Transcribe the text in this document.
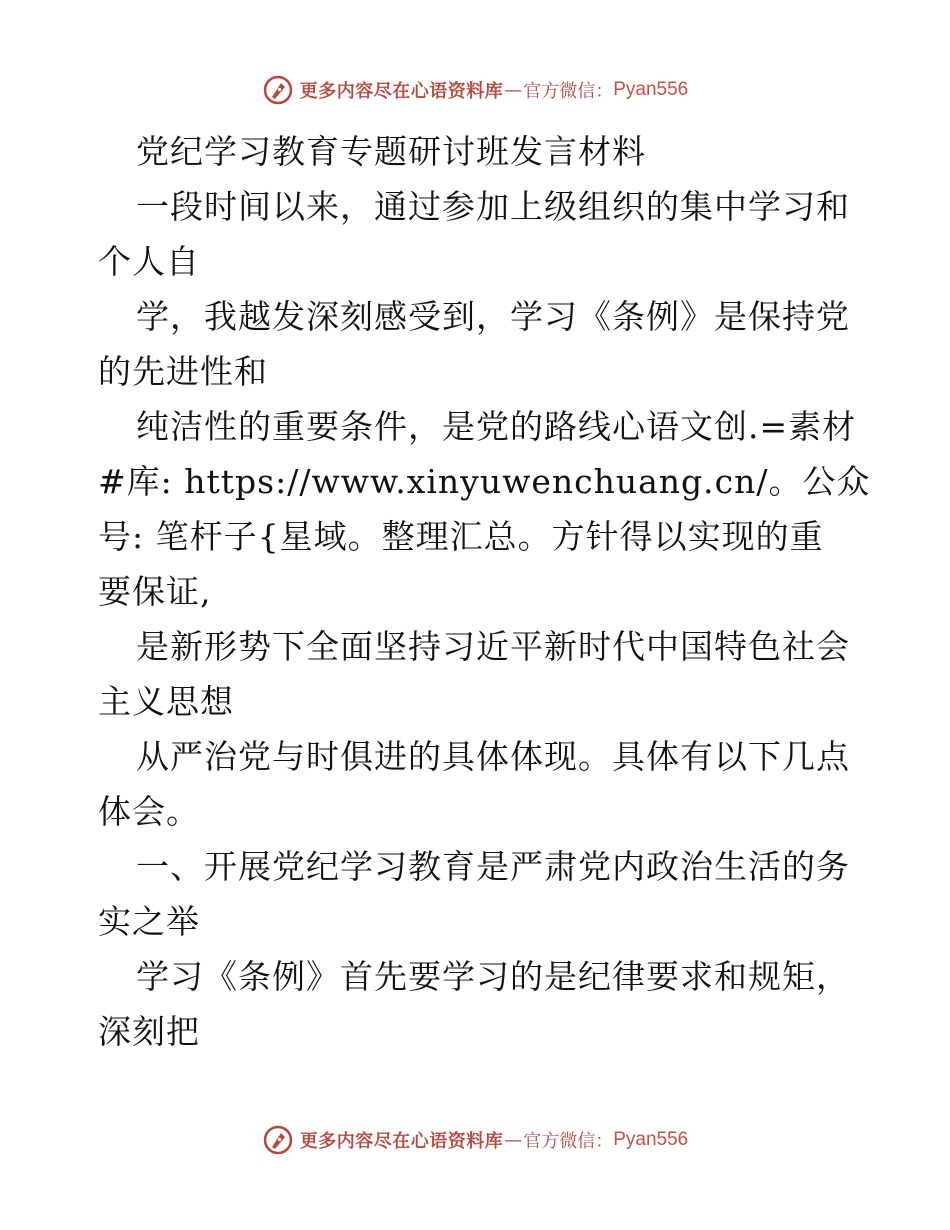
更多内容尽在心语资料库 — 官方微信： Pyan556

党纪学习教育专题研讨班发言材料

一段时间以来，通过参加上级组织的集中学习和

个人自

学，我越发深刻感受到，学习《条例》是保持党

的先进性和

纯洁性的重要条件，是党的路线心语文创.=素材

#库: https://www.xinyuwenchuang.cn/。公众

号: 笔杆子{星域。整理汇总。方针得以实现的重

要保证,

是新形势下全面坚持习近平新时代中国特色社会

主义思想

从严治党与时俱进的具体体现。具体有以下几点

体会。

一、开展党纪学习教育是严肃党内政治生活的务

实之举

学习《条例》首先要学习的是纪律要求和规矩，

深刻把

更多内容尽在心语资料库 — 官方微信： Pyan556
